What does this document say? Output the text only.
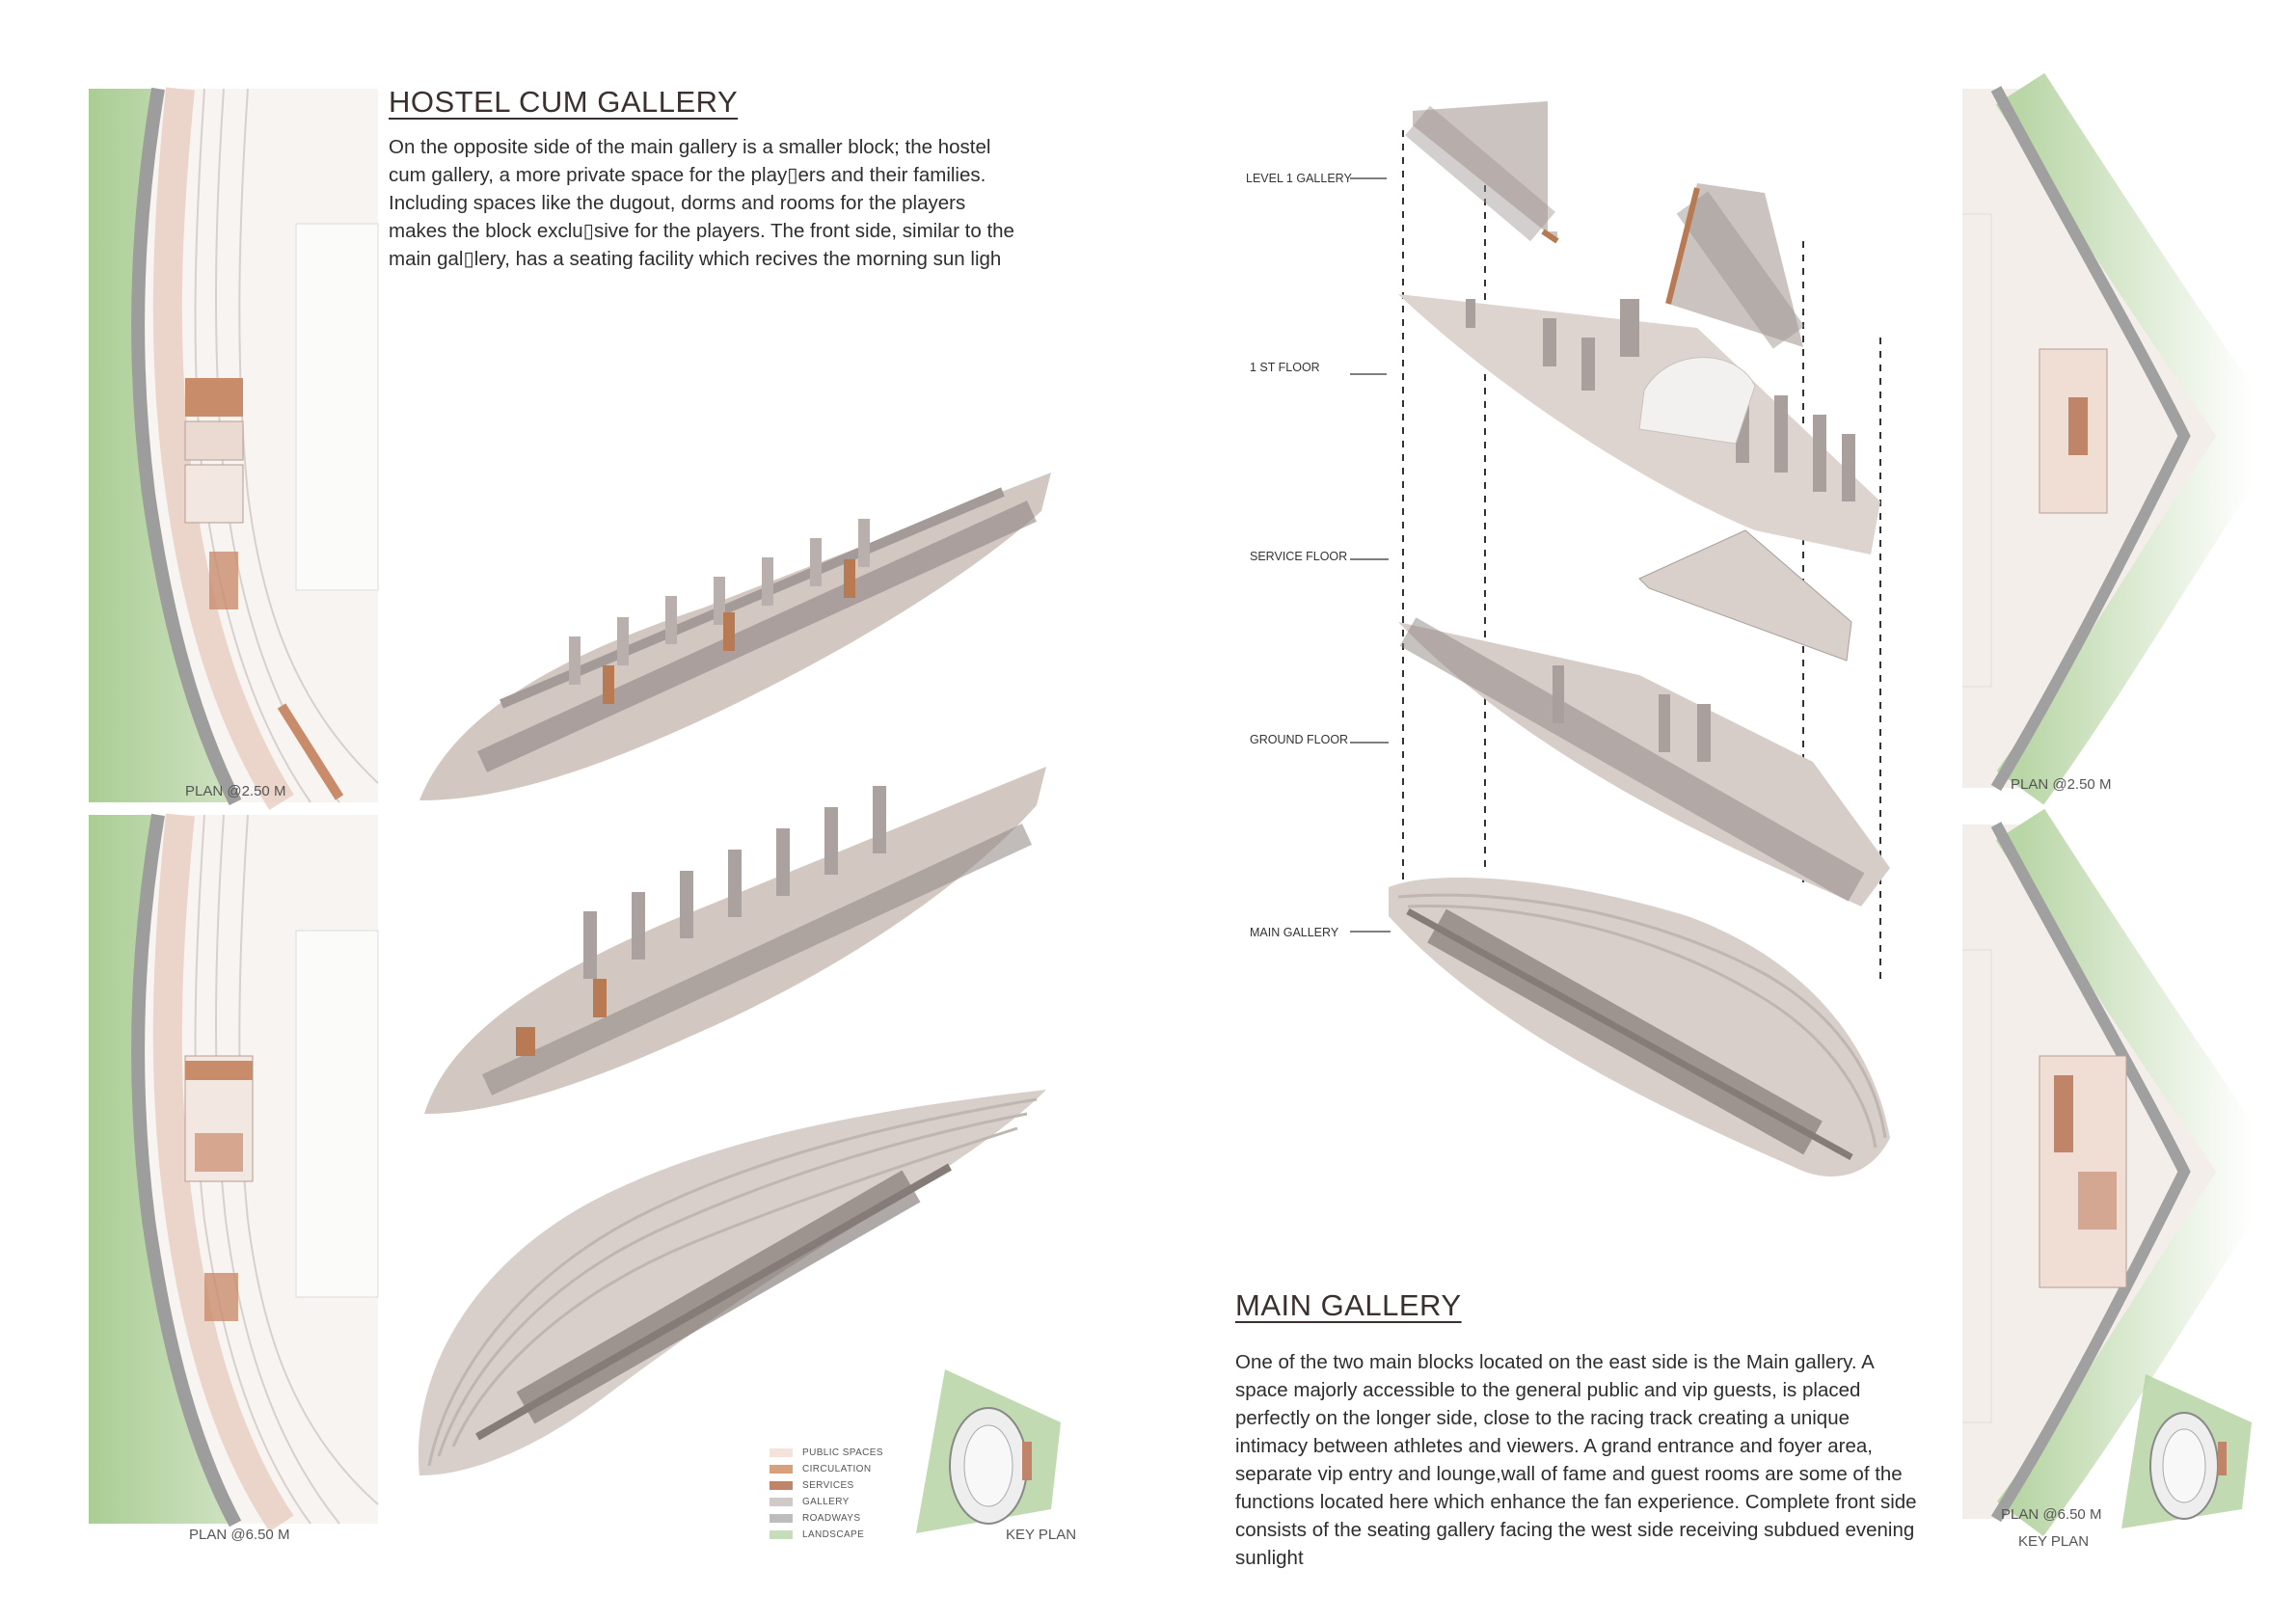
PLAN @2.50 M
PLAN @6.50 M
HOSTEL CUM GALLERY
On the opposite side of the main gallery is a smaller block; the hostel cum gallery, a more private space for the play▯ers and their families. Including spaces like the dugout, dorms and rooms for the players makes the block exclu▯sive for the players. The front side, similar to the main gal▯lery, has a seating facility which recives the morning sun ligh
PUBLIC SPACES
CIRCULATION
SERVICES
GALLERY
ROADWAYS
LANDSCAPE	KEY PLAN
LEVEL 1 GALLERY
1 ST FLOOR
SERVICE FLOOR
GROUND FLOOR
MAIN GALLERY
MAIN GALLERY
One of the two main blocks located on the east side is the Main gallery. A space majorly accessible to the general public and vip guests, is placed perfectly on the longer side, close to the racing track creating a unique intimacy between athletes and viewers. A grand entrance and foyer area, separate vip entry and lounge,wall of fame and guest rooms are some of the functions located here which enhance the fan experience. Complete front side consists of the seating gallery facing the west side receiving subdued evening sunlight
PLAN @2.50 M
PLAN @6.50 M
KEY PLAN
